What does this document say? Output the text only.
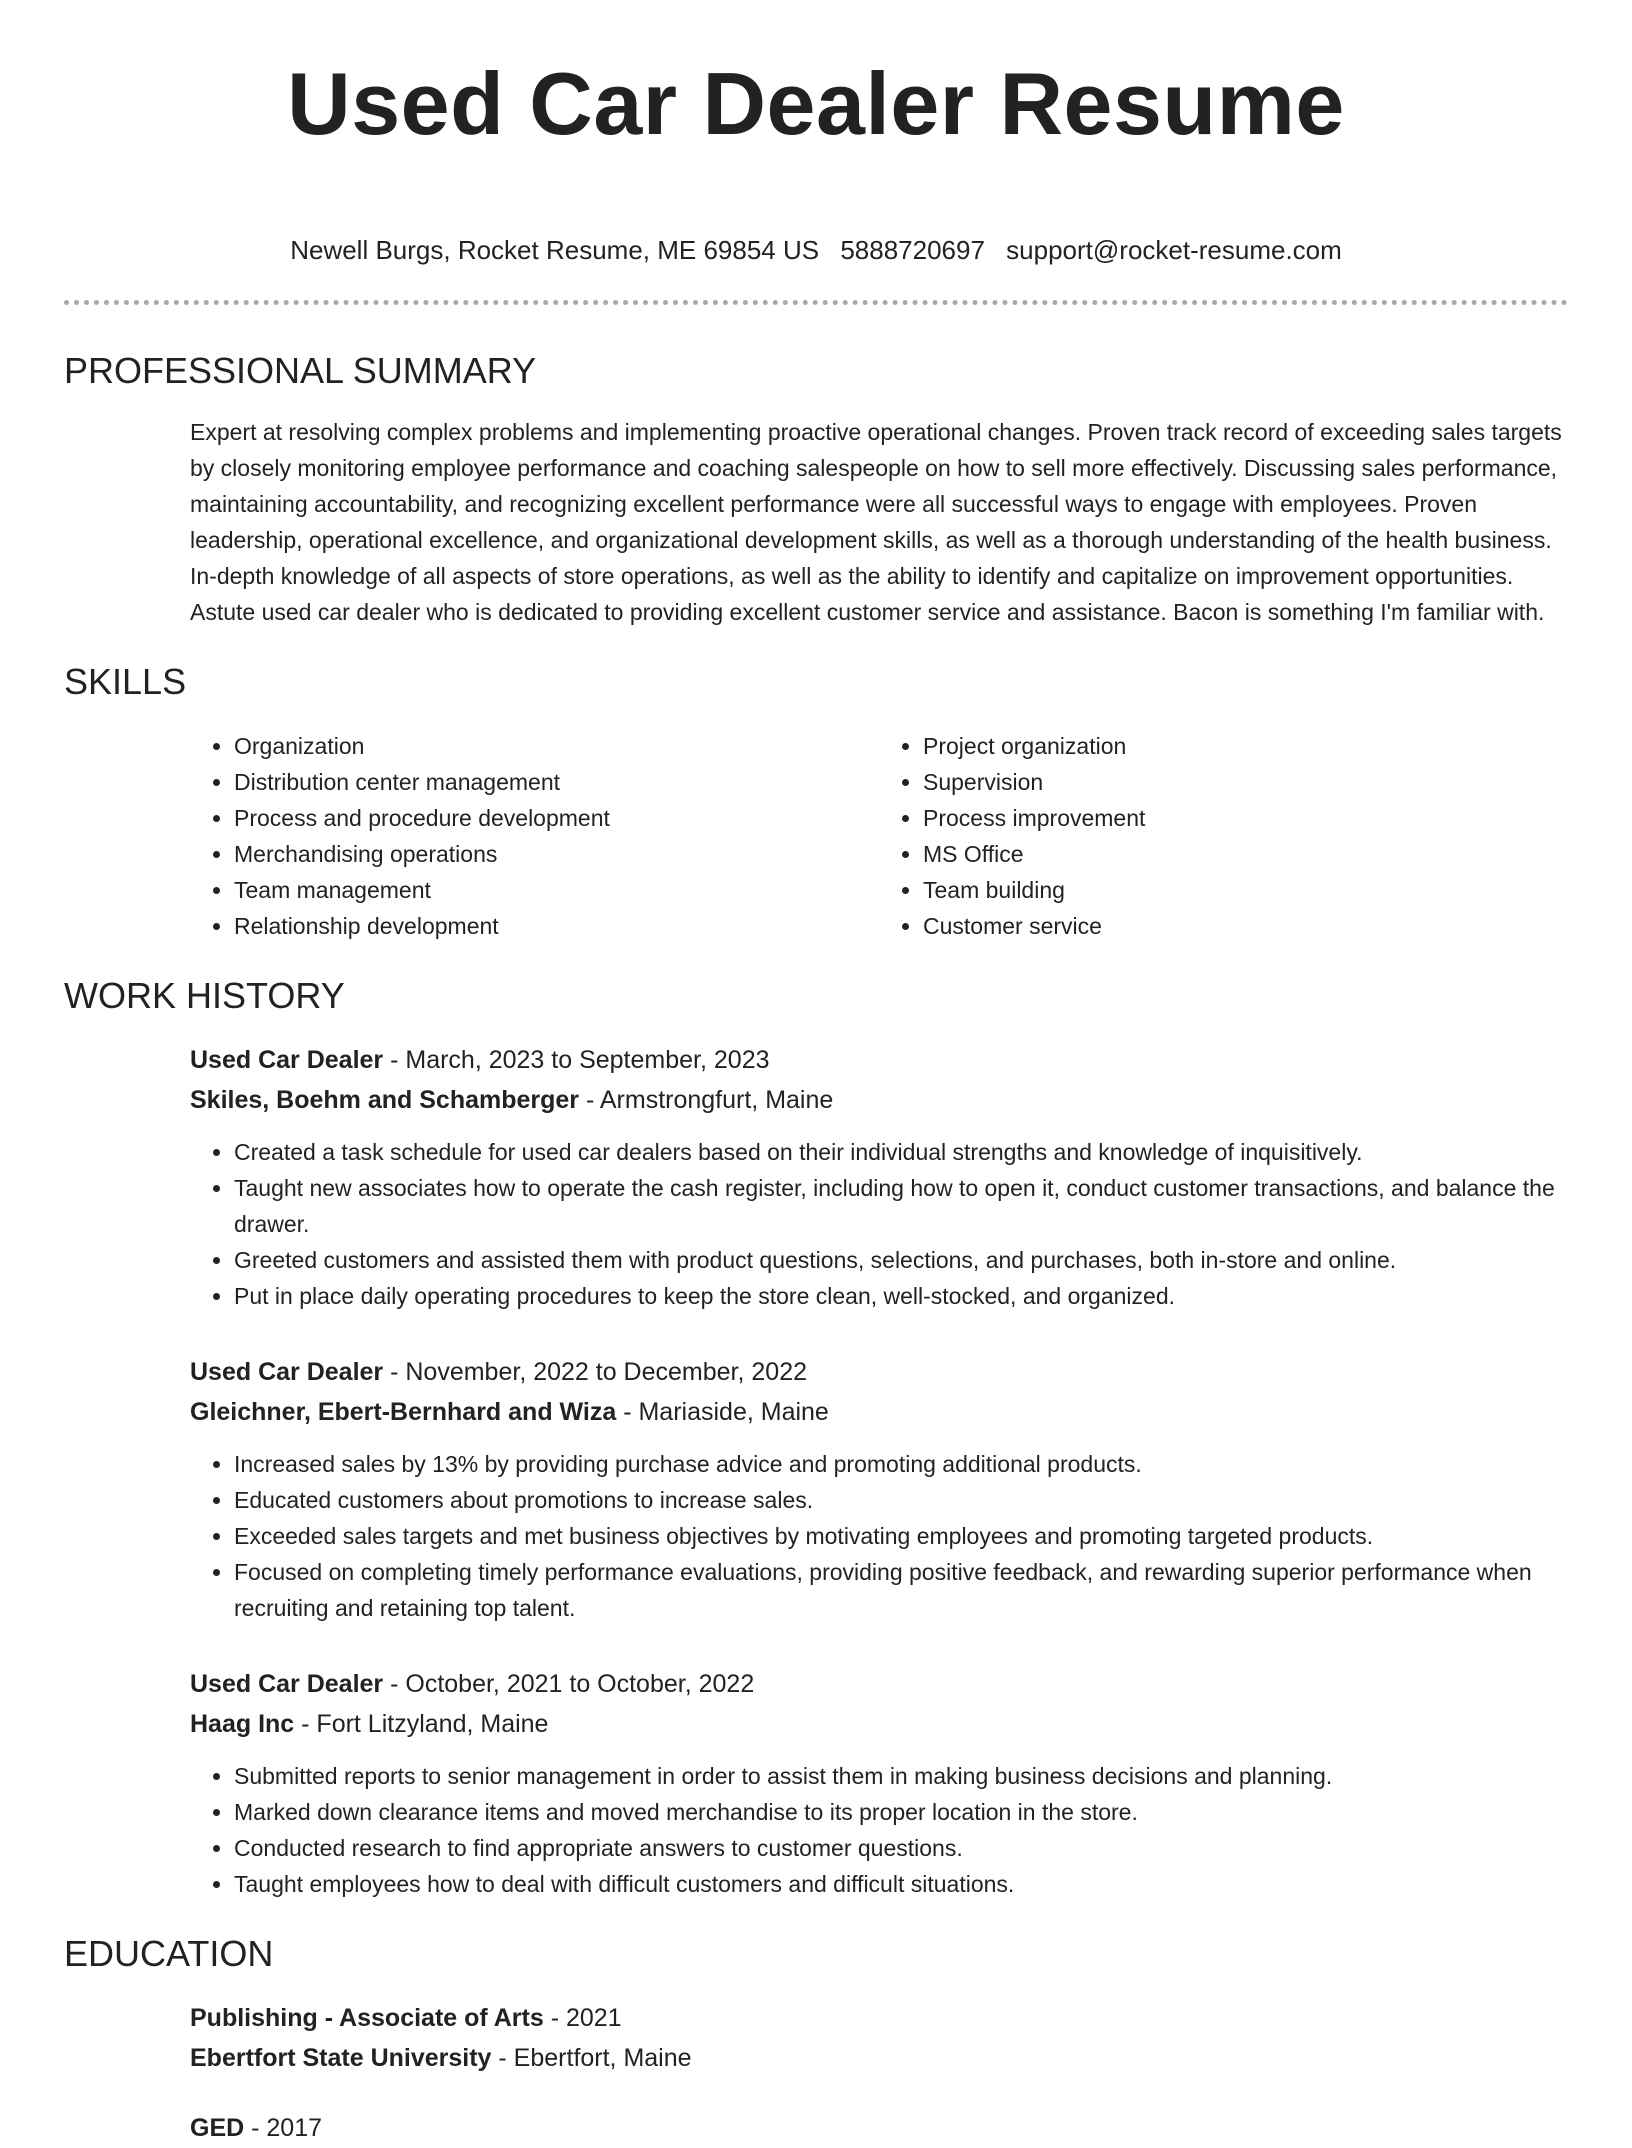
Used Car Dealer Resume
Newell Burgs, Rocket Resume, ME 69854 US 5888720697 support@rocket-resume.com
PROFESSIONAL SUMMARY

Expert at resolving complex problems and implementing proactive operational changes. Proven track record of exceeding sales targets by closely monitoring employee performance and coaching salespeople on how to sell more effectively. Discussing sales performance, maintaining accountability, and recognizing excellent performance were all successful ways to engage with employees. Proven leadership, operational excellence, and organizational development skills, as well as a thorough understanding of the health business. In-depth knowledge of all aspects of store operations, as well as the ability to identify and capitalize on improvement opportunities. Astute used car dealer who is dedicated to providing excellent customer service and assistance. Bacon is something I'm familiar with.

SKILLS
• Organization
• Distribution center management
• Process and procedure development
• Merchandising operations
• Team management
• Relationship development
• Project organization
• Supervision
• Process improvement
• MS Office
• Team building
• Customer service
WORK HISTORY
Used Car Dealer - March, 2023 to September, 2023
Skiles, Boehm and Schamberger - Armstrongfurt, Maine
• Created a task schedule for used car dealers based on their individual strengths and knowledge of inquisitively.
• Taught new associates how to operate the cash register, including how to open it, conduct customer transactions, and balance the drawer.
• Greeted customers and assisted them with product questions, selections, and purchases, both in-store and online.
• Put in place daily operating procedures to keep the store clean, well-stocked, and organized.
Used Car Dealer - November, 2022 to December, 2022
Gleichner, Ebert-Bernhard and Wiza - Mariaside, Maine
• Increased sales by 13% by providing purchase advice and promoting additional products.
• Educated customers about promotions to increase sales.
• Exceeded sales targets and met business objectives by motivating employees and promoting targeted products.
• Focused on completing timely performance evaluations, providing positive feedback, and rewarding superior performance when recruiting and retaining top talent.
Used Car Dealer - October, 2021 to October, 2022
Haag Inc - Fort Litzyland, Maine
• Submitted reports to senior management in order to assist them in making business decisions and planning.
• Marked down clearance items and moved merchandise to its proper location in the store.
• Conducted research to find appropriate answers to customer questions.
• Taught employees how to deal with difficult customers and difficult situations.
EDUCATION
Publishing - Associate of Arts - 2021
Ebertfort State University - Ebertfort, Maine
GED - 2017
